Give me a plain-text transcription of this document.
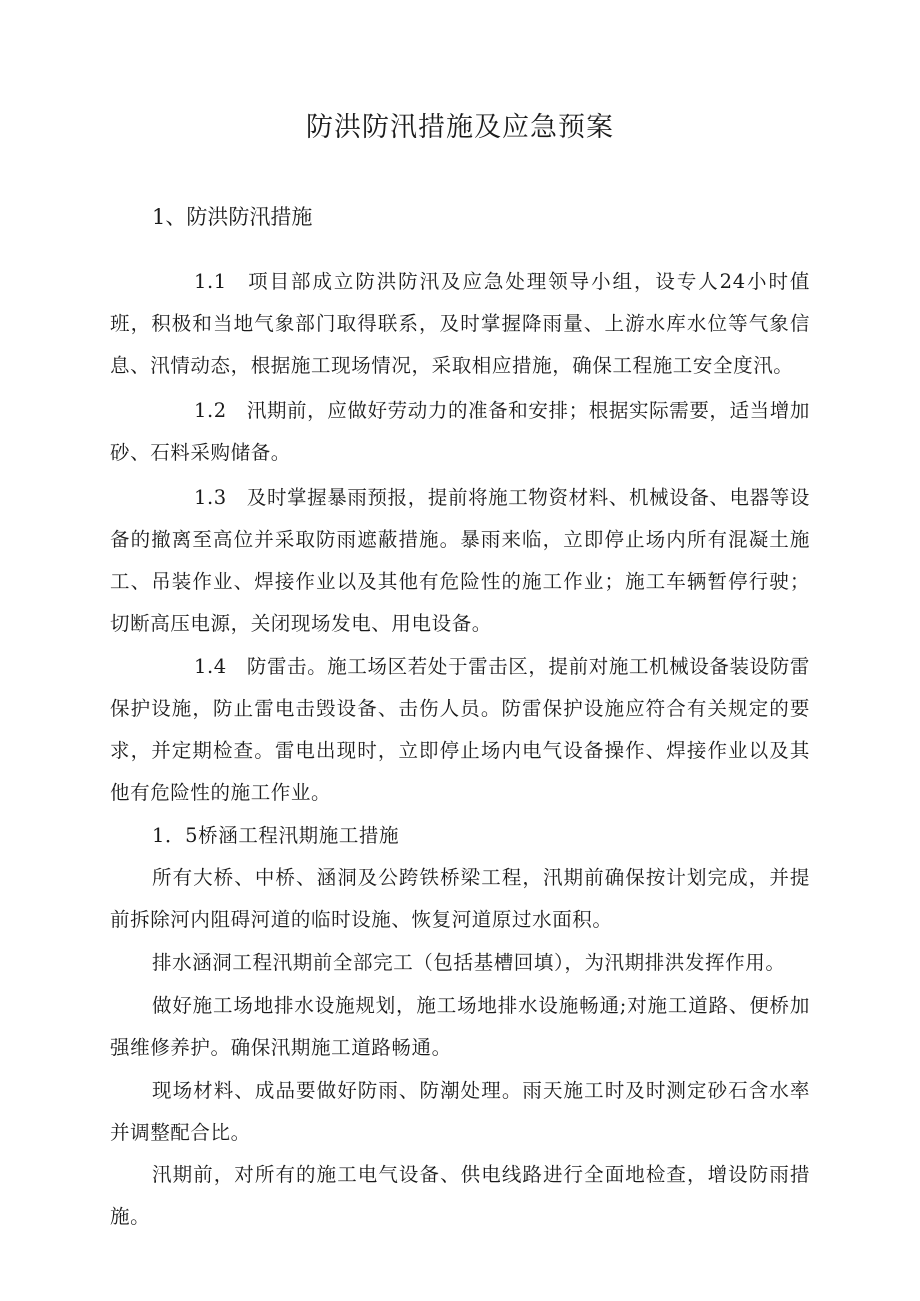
防洪防汛措施及应急预案
1、防洪防汛措施

1.1 项目部成立防洪防汛及应急处理领导小组，设专人24小时值班，积极和当地气象部门取得联系，及时掌握降雨量、上游水库水位等气象信息、汛情动态，根据施工现场情况，采取相应措施，确保工程施工安全度汛。

1.2 汛期前，应做好劳动力的准备和安排；根据实际需要，适当增加砂、石料采购储备。

1.3 及时掌握暴雨预报，提前将施工物资材料、机械设备、电器等设备的撤离至高位并采取防雨遮蔽措施。暴雨来临，立即停止场内所有混凝土施工、吊装作业、焊接作业以及其他有危险性的施工作业；施工车辆暂停行驶；切断高压电源，关闭现场发电、用电设备。

1.4 防雷击。施工场区若处于雷击区，提前对施工机械设备装设防雷保护设施，防止雷电击毁设备、击伤人员。防雷保护设施应符合有关规定的要求，并定期检查。雷电出现时，立即停止场内电气设备操作、焊接作业以及其他有危险性的施工作业。

1．5桥涵工程汛期施工措施

所有大桥、中桥、涵洞及公跨铁桥梁工程，汛期前确保按计划完成，并提前拆除河内阻碍河道的临时设施、恢复河道原过水面积。

排水涵洞工程汛期前全部完工（包括基槽回填），为汛期排洪发挥作用。

做好施工场地排水设施规划，施工场地排水设施畅通;对施工道路、便桥加强维修养护。确保汛期施工道路畅通。

现场材料、成品要做好防雨、防潮处理。雨天施工时及时测定砂石含水率并调整配合比。

汛期前，对所有的施工电气设备、供电线路进行全面地检查，增设防雨措施。
